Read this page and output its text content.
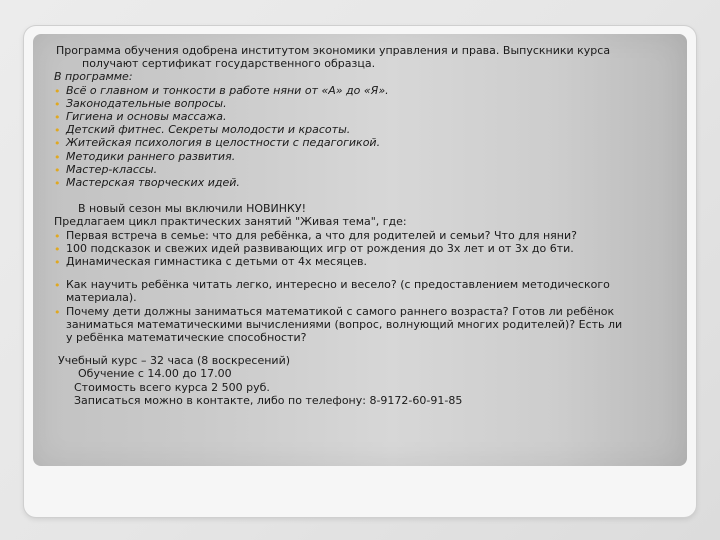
Программа обучения одобрена институтом экономики управления и права. Выпускники курса
получают сертификат государственного образца.
В программе:
• Всё о главном и тонкости в работе няни от «А» до «Я».
• Законодательные вопросы.
• Гигиена и основы массажа.
• Детский фитнес. Секреты молодости и красоты.
• Житейская психология в целостности с педагогикой.
• Методики раннего развития.
• Мастер-классы.
• Мастерская творческих идей.
В новый сезон мы включили НОВИНКУ!
Предлагаем цикл практических занятий "Живая тема", где:
• Первая встреча в семье: что для ребёнка, а что для родителей и семьи? Что для няни?
• 100 подсказок и свежих идей развивающих игр от рождения до 3х лет и от 3х до 6ти.
• Динамическая гимнастика с детьми от 4х месяцев.
• Как научить ребёнка читать легко, интересно и весело? (с предоставлением методического
материала).
• Почему дети должны заниматься математикой с самого раннего возраста? Готов ли ребёнок
заниматься математическими вычислениями (вопрос, волнующий многих родителей)? Есть ли
у ребёнка математические способности?
Учебный курс – 32 часа (8 воскресений)
Обучение с 14.00 до 17.00
Стоимость всего курса 2 500 руб.
Записаться можно в контакте, либо по телефону: 8-9172-60-91-85
